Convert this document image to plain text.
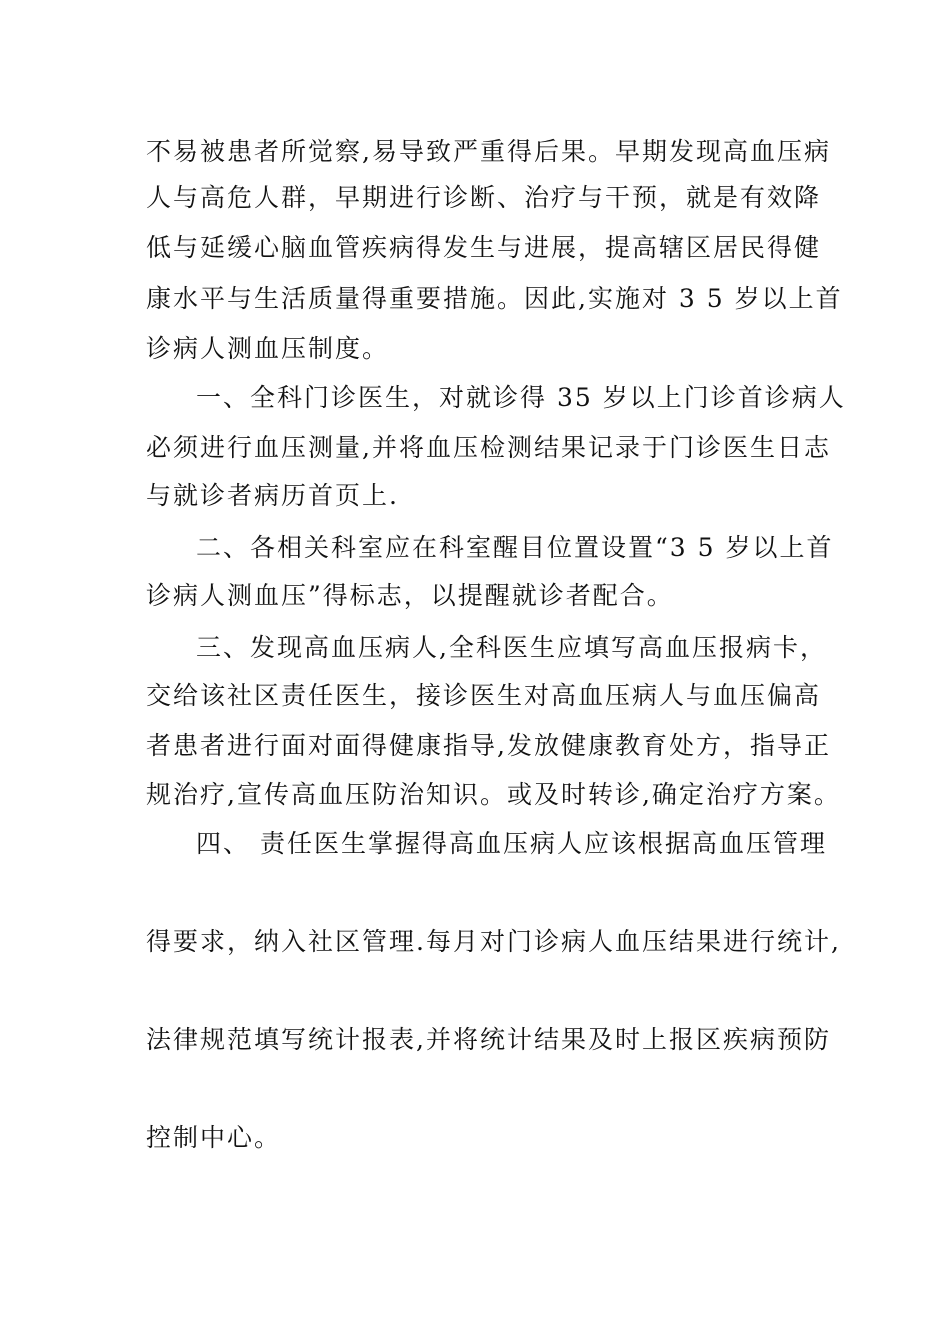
不易被患者所觉察,易导致严重得后果。早期发现高血压病
人与高危人群，早期进行诊断、治疗与干预，就是有效降
低与延缓心脑血管疾病得发生与进展，提高辖区居民得健
康水平与生活质量得重要措施。因此,实施对 3 5 岁以上首
诊病人测血压制度。
一、全科门诊医生，对就诊得 35 岁以上门诊首诊病人
必须进行血压测量,并将血压检测结果记录于门诊医生日志
与就诊者病历首页上.
二、各相关科室应在科室醒目位置设置“3 5 岁以上首
诊病人测血压”得标志，以提醒就诊者配合。
三、发现高血压病人,全科医生应填写高血压报病卡，
交给该社区责任医生，接诊医生对高血压病人与血压偏高
者患者进行面对面得健康指导,发放健康教育处方，指导正
规治疗,宣传高血压防治知识。或及时转诊,确定治疗方案。
四、 责任医生掌握得高血压病人应该根据高血压管理
得要求，纳入社区管理.每月对门诊病人血压结果进行统计,
法律规范填写统计报表,并将统计结果及时上报区疾病预防
控制中心。
